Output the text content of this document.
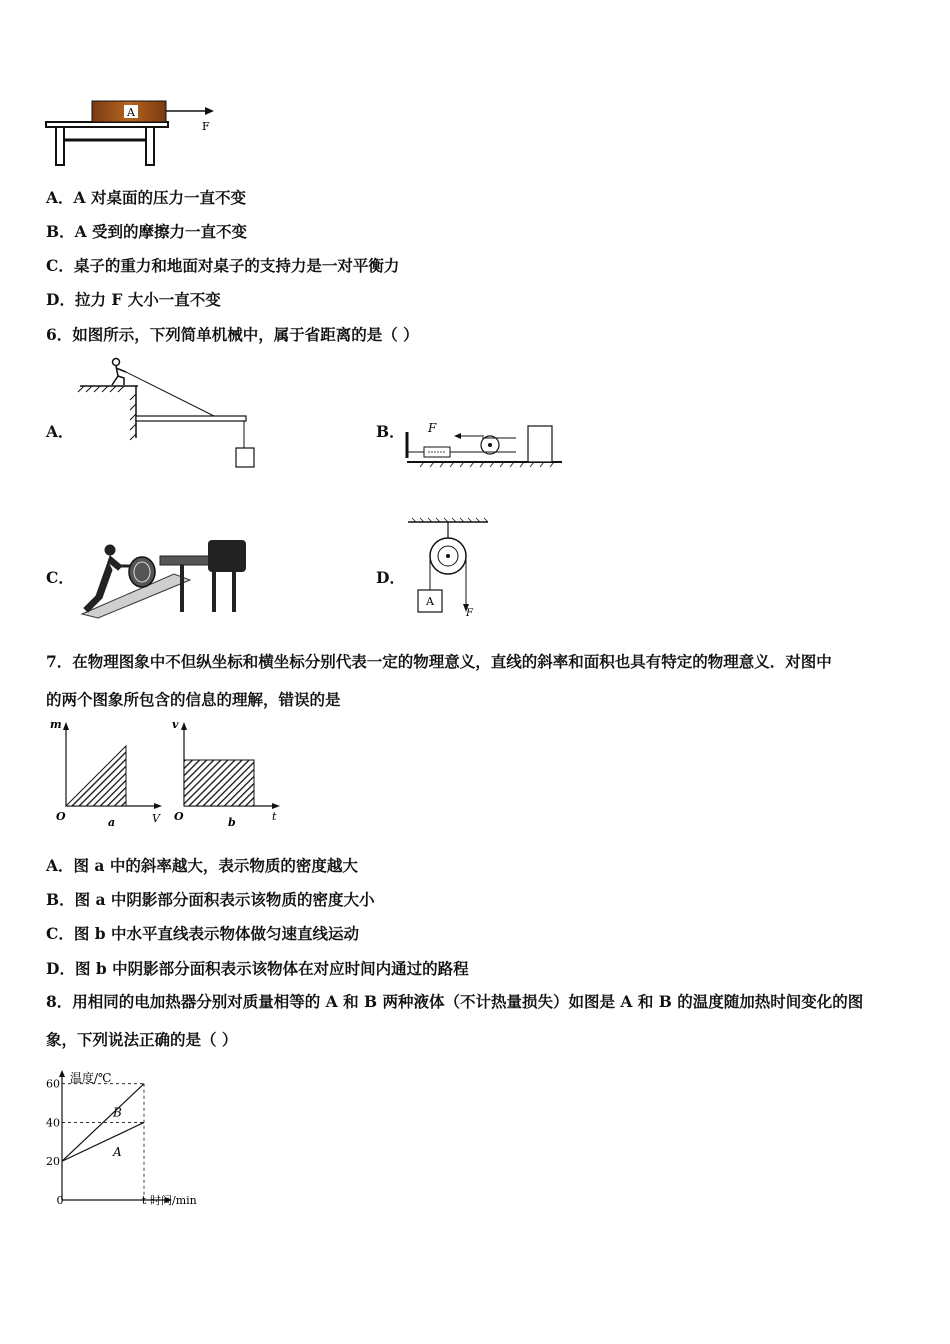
A
F
A．A 对桌面的压力一直不变
B．A 受到的摩擦力一直不变
C．桌子的重力和地面对桌子的支持力是一对平衡力
D．拉力 F 大小一直不变
6．如图所示，下列简单机械中，属于省距离的是（ ）
A．	B．
C．	D．
F
F
A
7．在物理图象中不但纵坐标和横坐标分别代表一定的物理意义，直线的斜率和面积也具有特定的物理意义．对图中
的两个图象所包含的信息的理解，错误的是
m
V
O	a
v
t
O	b
A．图 a 中的斜率越大，表示物质的密度越大
B．图 a 中阴影部分面积表示该物质的密度大小
C．图 b 中水平直线表示物体做匀速直线运动
D．图 b 中阴影部分面积表示该物体在对应时间内通过的路程
8．用相同的电加热器分别对质量相等的 A 和 B 两种液体（不计热量损失）如图是 A 和 B 的温度随加热时间变化的图
象，下列说法正确的是（ ）
温度/℃
时间/min
20
40
60
0	t
B
A
